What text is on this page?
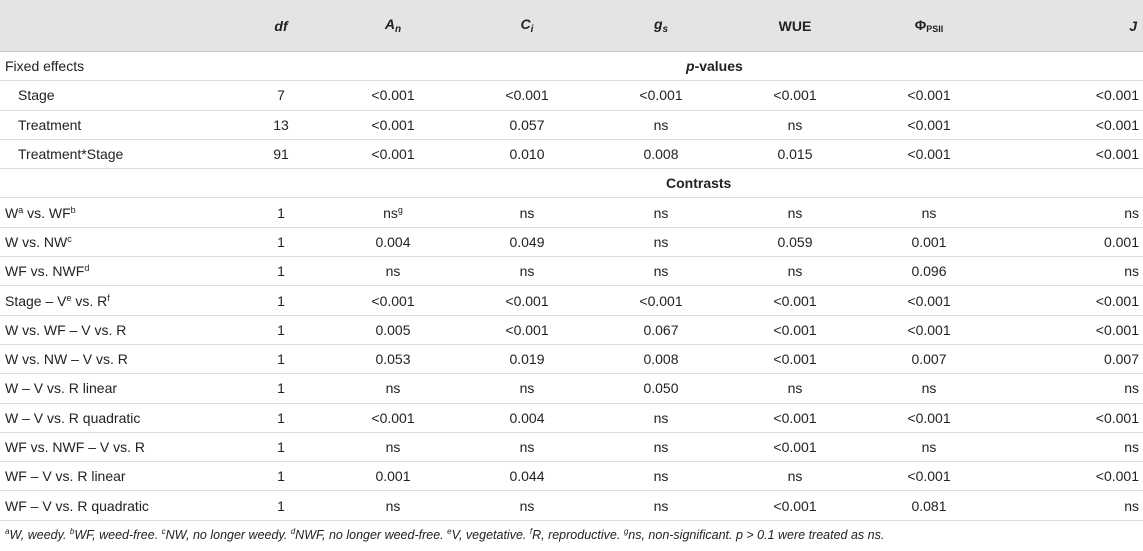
	df	$A_n$	$C_i$	$g_s$	WUE	ΦPSII	J
Fixed effects				p-values			
Stage	7	<0.001	<0.001	<0.001	<0.001	<0.001	<0.001
Treatment	13	<0.001	0.057	ns	ns	<0.001	<0.001
Treatment*Stage	91	<0.001	0.010	0.008	0.015	<0.001	<0.001
				Contrasts			
$W^a$ vs. $WF^b$	1	$ns^g$	ns	ns	ns	ns	ns
W vs. $NW^c$	1	0.004	0.049	ns	0.059	0.001	0.001
WF vs. NWF$^d$	1	ns	ns	ns	ns	0.096	ns
Stage – Ve vs. $R^f$	1	<0.001	<0.001	<0.001	<0.001	<0.001	<0.001
W vs. WF – V vs. R	1	0.005	<0.001	0.067	<0.001	<0.001	<0.001
W vs. NW – V vs. R	1	0.053	0.019	0.008	<0.001	0.007	0.007
W – V vs. R linear	1	ns	ns	0.050	ns	ns	ns
W – V vs. R quadratic	1	<0.001	0.004	ns	<0.001	<0.001	<0.001
WF vs. NWF – V vs. R	1	ns	ns	ns	<0.001	ns	ns
WF – V vs. R linear	1	0.001	0.044	ns	ns	<0.001	<0.001
WF – V vs. R quadratic	1	ns	ns	ns	<0.001	0.081	ns
$^a$W, weedy. $^b$WF, weed-free. $^c$NW, no longer weedy. $^d$NWF, no longer weed-free. $^e$V, vegetative. $^f$R, reproductive. $^g$ns, non-significant. p > 0.1 were treated as ns.
